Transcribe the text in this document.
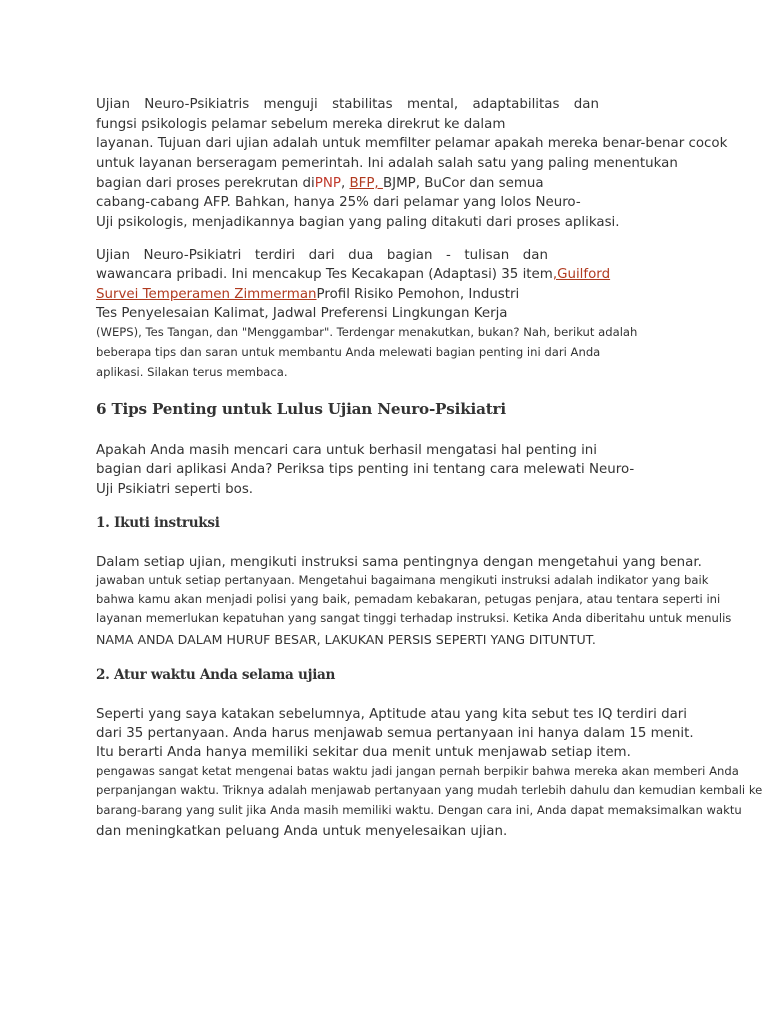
Ujian Neuro-Psikiatris menguji stabilitas mental, adaptabilitas dan
fungsi psikologis pelamar sebelum mereka direkrut ke dalam
layanan. Tujuan dari ujian adalah untuk memfilter pelamar apakah mereka benar-benar cocok
untuk layanan berseragam pemerintah. Ini adalah salah satu yang paling menentukan
bagian dari proses perekrutan diPNP, BFP, BJMP, BuCor dan semua
cabang-cabang AFP. Bahkan, hanya 25% dari pelamar yang lolos Neuro-
Uji psikologis, menjadikannya bagian yang paling ditakuti dari proses aplikasi.
Ujian Neuro-Psikiatri terdiri dari dua bagian - tulisan dan
wawancara pribadi. Ini mencakup Tes Kecakapan (Adaptasi) 35 item,Guilford
Survei Temperamen ZimmermanProfil Risiko Pemohon, Industri
Tes Penyelesaian Kalimat, Jadwal Preferensi Lingkungan Kerja
(WEPS), Tes Tangan, dan "Menggambar". Terdengar menakutkan, bukan? Nah, berikut adalah
beberapa tips dan saran untuk membantu Anda melewati bagian penting ini dari Anda
aplikasi. Silakan terus membaca.
6 Tips Penting untuk Lulus Ujian Neuro-Psikiatri
Apakah Anda masih mencari cara untuk berhasil mengatasi hal penting ini
bagian dari aplikasi Anda? Periksa tips penting ini tentang cara melewati Neuro-
Uji Psikiatri seperti bos.
1. Ikuti instruksi
Dalam setiap ujian, mengikuti instruksi sama pentingnya dengan mengetahui yang benar.
jawaban untuk setiap pertanyaan. Mengetahui bagaimana mengikuti instruksi adalah indikator yang baik
bahwa kamu akan menjadi polisi yang baik, pemadam kebakaran, petugas penjara, atau tentara seperti ini
layanan memerlukan kepatuhan yang sangat tinggi terhadap instruksi. Ketika Anda diberitahu untuk menulis
NAMA ANDA DALAM HURUF BESAR, LAKUKAN PERSIS SEPERTI YANG DITUNTUT.
2. Atur waktu Anda selama ujian
Seperti yang saya katakan sebelumnya, Aptitude atau yang kita sebut tes IQ terdiri dari
dari 35 pertanyaan. Anda harus menjawab semua pertanyaan ini hanya dalam 15 menit.
Itu berarti Anda hanya memiliki sekitar dua menit untuk menjawab setiap item.
pengawas sangat ketat mengenai batas waktu jadi jangan pernah berpikir bahwa mereka akan memberi Anda
perpanjangan waktu. Triknya adalah menjawab pertanyaan yang mudah terlebih dahulu dan kemudian kembali ke
barang-barang yang sulit jika Anda masih memiliki waktu. Dengan cara ini, Anda dapat memaksimalkan waktu
dan meningkatkan peluang Anda untuk menyelesaikan ujian.
